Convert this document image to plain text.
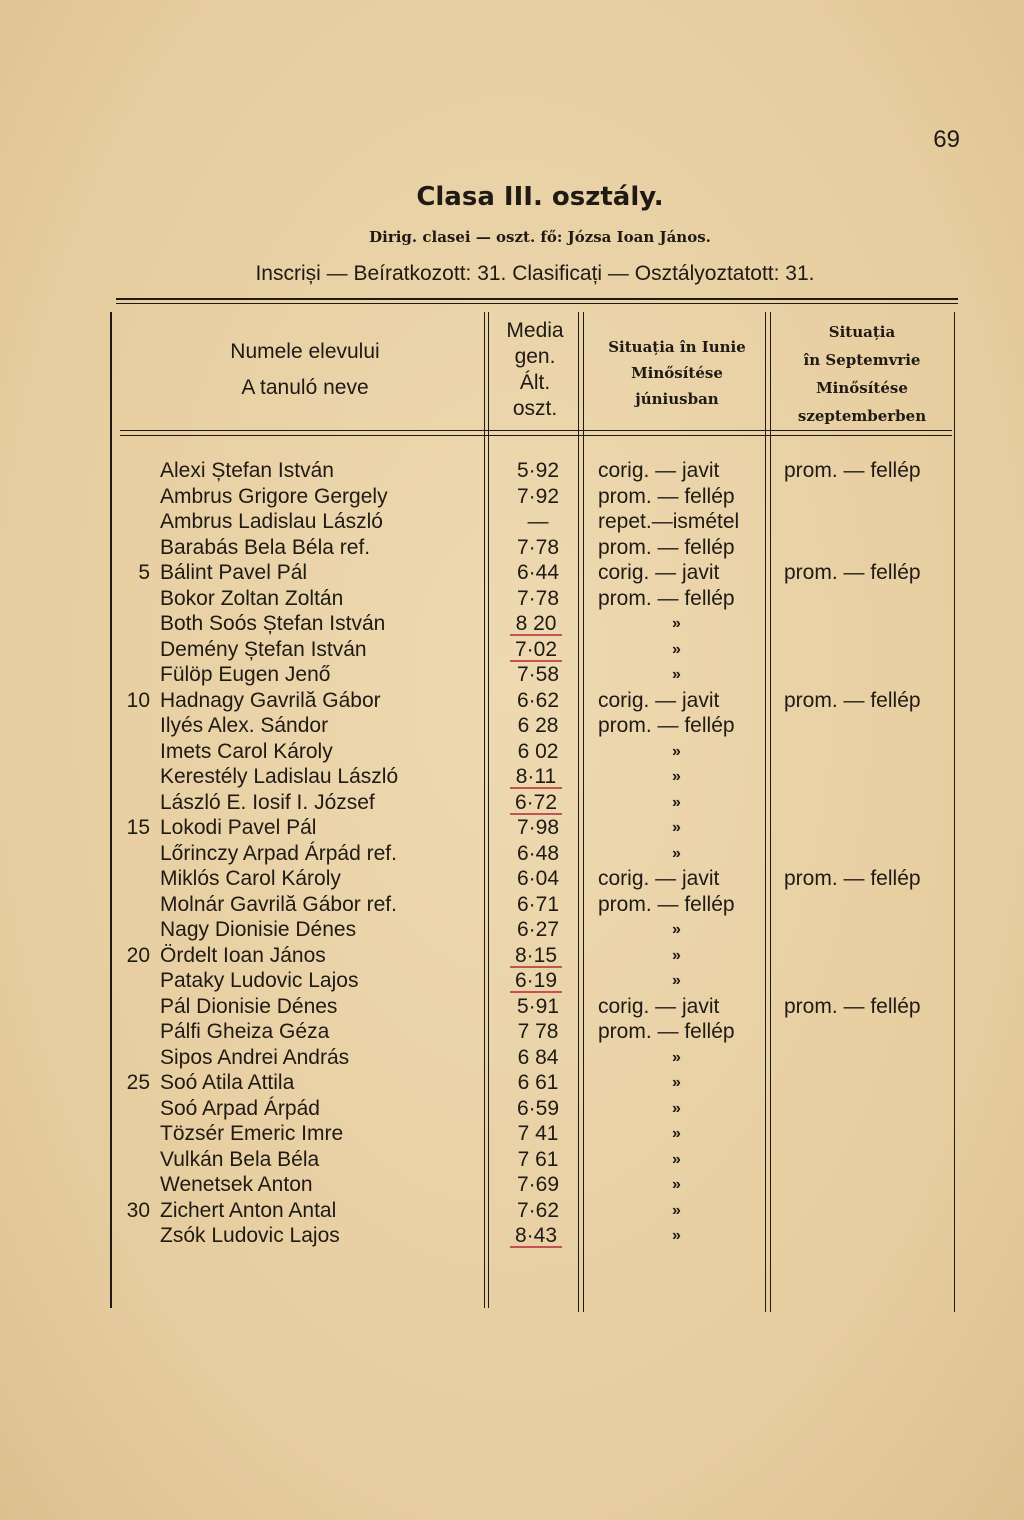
69
Clasa III. osztály.
Dirig. clasei — oszt. fő: Józsa Ioan János.
Inscriși — Beíratkozott: 31. Clasificați — Osztályoztatott: 31.
Numele elevului
A tanuló neve
Media
gen.
Ált.
oszt.
Situația în Iunie
Minősítése
júniusban
Situația
în Septemvrie
Minősítése
szeptemberben
Alexi Ștefan István	5·92	corig. — javit	prom. — fellép
Ambrus Grigore Gergely	7·92	prom. — fellép
Ambrus Ladislau László	—	repet.—ismétel
Barabás Bela Béla ref.	7·78	prom. — fellép
5 Bálint Pavel Pál	6·44	corig. — javit	prom. — fellép
Bokor Zoltan Zoltán	7·78	prom. — fellép
Both Soós Ștefan István	8 20	»
Demény Ștefan István	7·02	»
Fülöp Eugen Jenő	7·58	»
10 Hadnagy Gavrilă Gábor	6·62	corig. — javit	prom. — fellép
Ilyés Alex. Sándor	6 28	prom. — fellép
Imets Carol Károly	6 02	»
Kerestély Ladislau László	8·11	»
László E. Iosif I. József	6·72	»
15 Lokodi Pavel Pál	7·98	»
Lőrinczy Arpad Árpád ref.	6·48	»
Miklós Carol Károly	6·04	corig. — javit	prom. — fellép
Molnár Gavrilă Gábor ref.	6·71	prom. — fellép
Nagy Dionisie Dénes	6·27	»
20 Ördelt Ioan János	8·15	»
Pataky Ludovic Lajos	6·19	»
Pál Dionisie Dénes	5·91	corig. — javit	prom. — fellép
Pálfi Gheiza Géza	7 78	prom. — fellép
Sipos Andrei András	6 84	»
25 Soó Atila Attila	6 61	»
Soó Arpad Árpád	6·59	»
Tözsér Emeric Imre	7 41	»
Vulkán Bela Béla	7 61	»
Wenetsek Anton	7·69	»
30 Zichert Anton Antal	7·62	»
Zsók Ludovic Lajos	8·43	»
